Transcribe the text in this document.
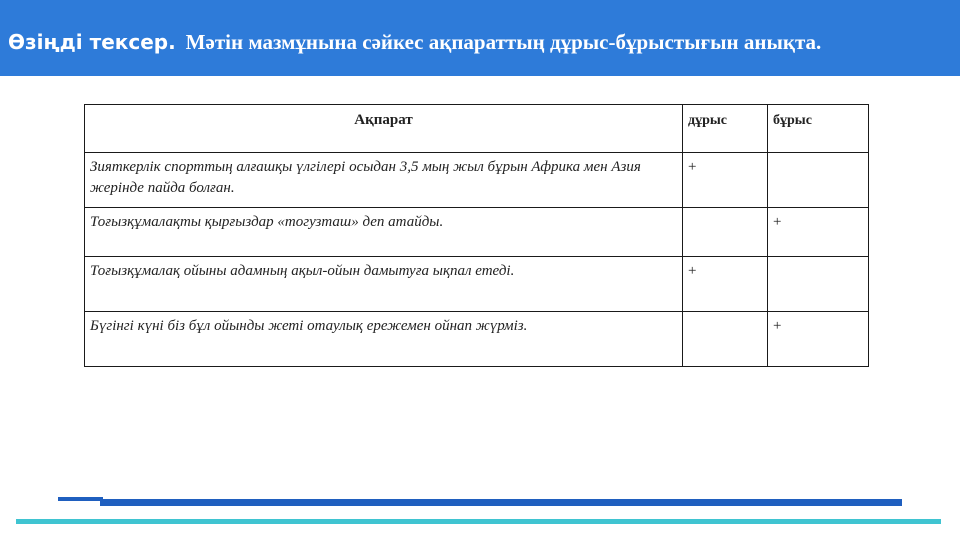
Өзіңді тексер. Мәтін мазмұнына сәйкес ақпараттың дұрыс-бұрыстығын анықта.
Ақпарат	дұрыс	бұрыс
Зияткерлік спорттың алғашқы үлгілері осыдан 3,5 мың жыл бұрын Африка мен Азия жерінде пайда болған.	+	
Тоғызқұмалақты қырғыздар «тогузташ» деп атайды.		+
Тоғызқұмалақ ойыны адамның ақыл-ойын дамытуға ықпал етеді.	+	
Бүгінгі күні біз бұл ойынды жеті отаулық ережемен ойнап жүрміз.		+
